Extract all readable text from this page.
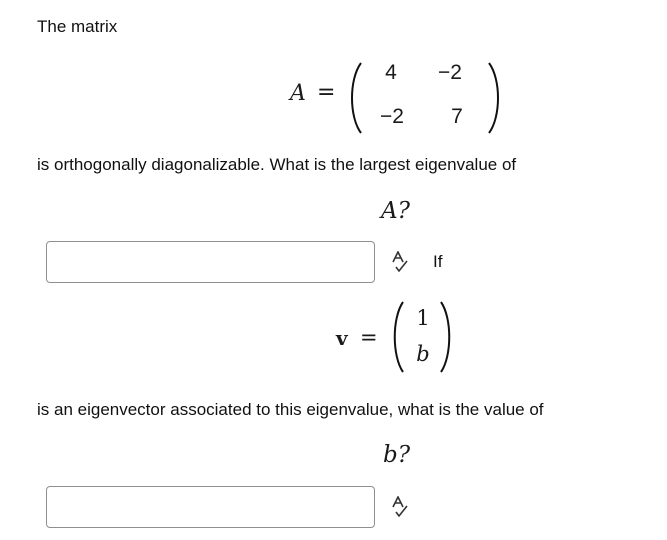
The matrix
A =
4	−2
−2	7
is orthogonally diagonalizable. What is the largest eigenvalue of
A?
If
v =
1
b
is an eigenvector associated to this eigenvalue, what is the value of
b?
